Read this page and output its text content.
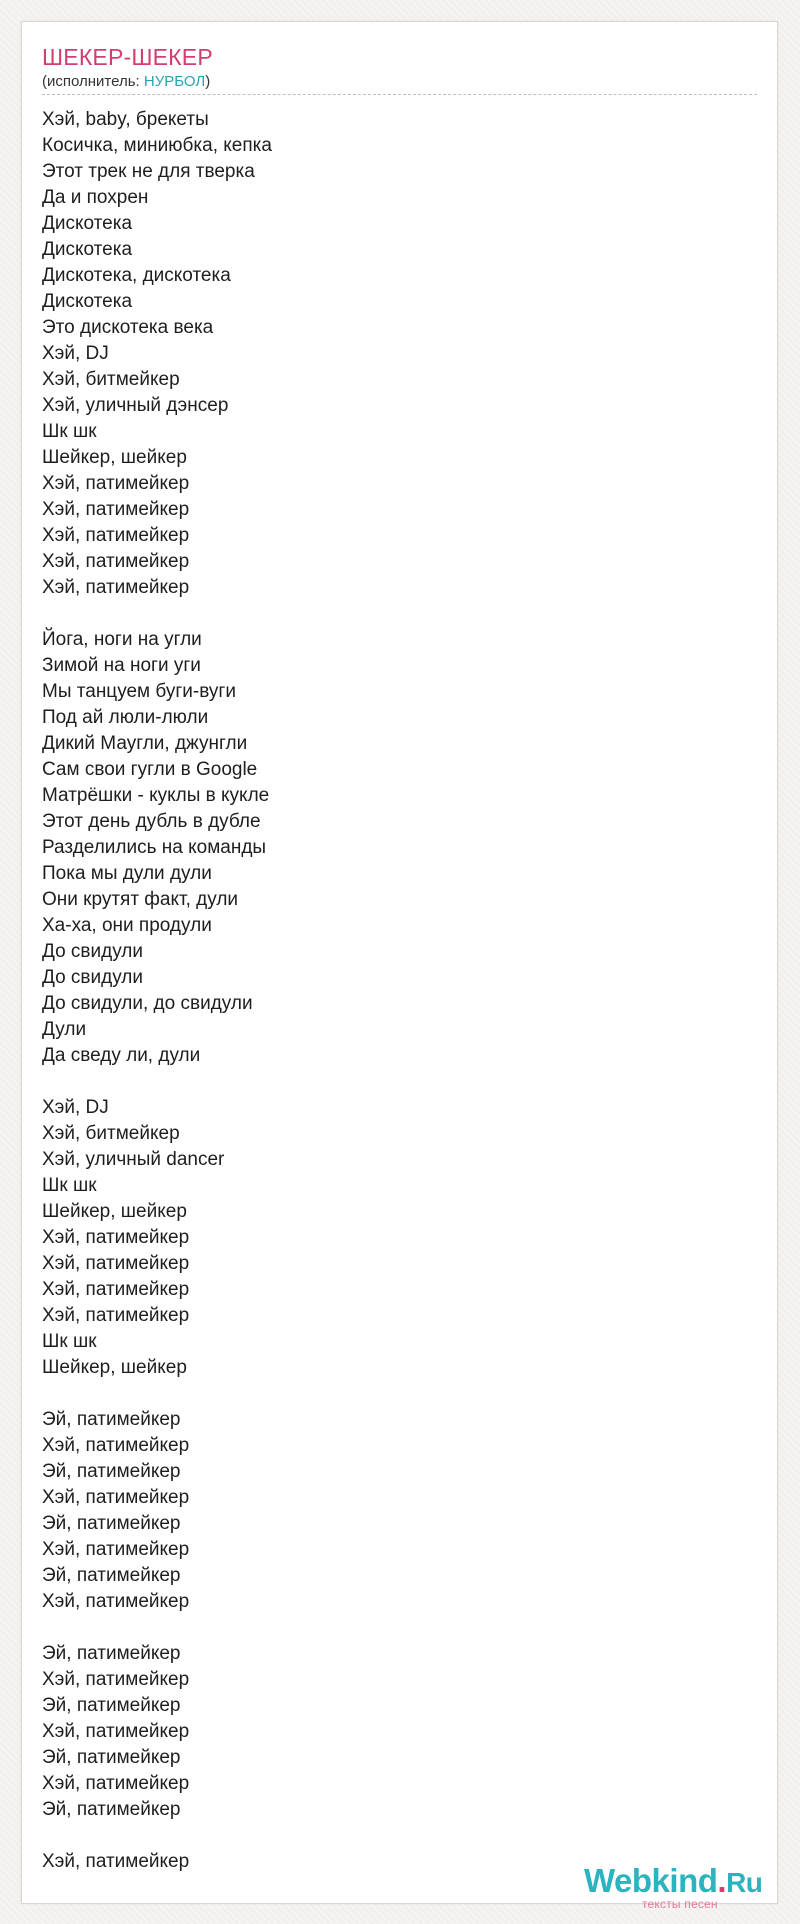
ШЕКЕР-ШЕКЕР
(исполнитель: НУРБОЛ)
Хэй, baby, брекеты
Косичка, миниюбка, кепка
Этот трек не для тверка
Да и похрен
Дискотека
Дискотека
Дискотека, дискотека
Дискотека
Это дискотека века
Хэй, DJ
Хэй, битмейкер
Хэй, уличный дэнсер
Шк шк
Шейкер, шейкер
Хэй, патимейкер
Хэй, патимейкер
Хэй, патимейкер
Хэй, патимейкер
Хэй, патимейкер
Йога, ноги на угли
Зимой на ноги уги
Мы танцуем буги-вуги
Под ай люли-люли
Дикий Маугли, джунгли
Сам свои гугли в Google
Матрёшки - куклы в кукле
Этот день дубль в дубле
Разделились на команды
Пока мы дули дули
Они крутят факт, дули
Ха-ха, они продули
До свидули
До свидули
До свидули, до свидули
Дули
Да сведу ли, дули
Хэй, DJ
Хэй, битмейкер
Хэй, уличный dancer
Шк шк
Шейкер, шейкер
Хэй, патимейкер
Хэй, патимейкер
Хэй, патимейкер
Хэй, патимейкер
Шк шк
Шейкер, шейкер
Эй, патимейкер
Хэй, патимейкер
Эй, патимейкер
Хэй, патимейкер
Эй, патимейкер
Хэй, патимейкер
Эй, патимейкер
Хэй, патимейкер
Эй, патимейкер
Хэй, патимейкер
Эй, патимейкер
Хэй, патимейкер
Эй, патимейкер
Хэй, патимейкер
Эй, патимейкер
Хэй, патимейкер
Webkind.Ru
тексты песен
